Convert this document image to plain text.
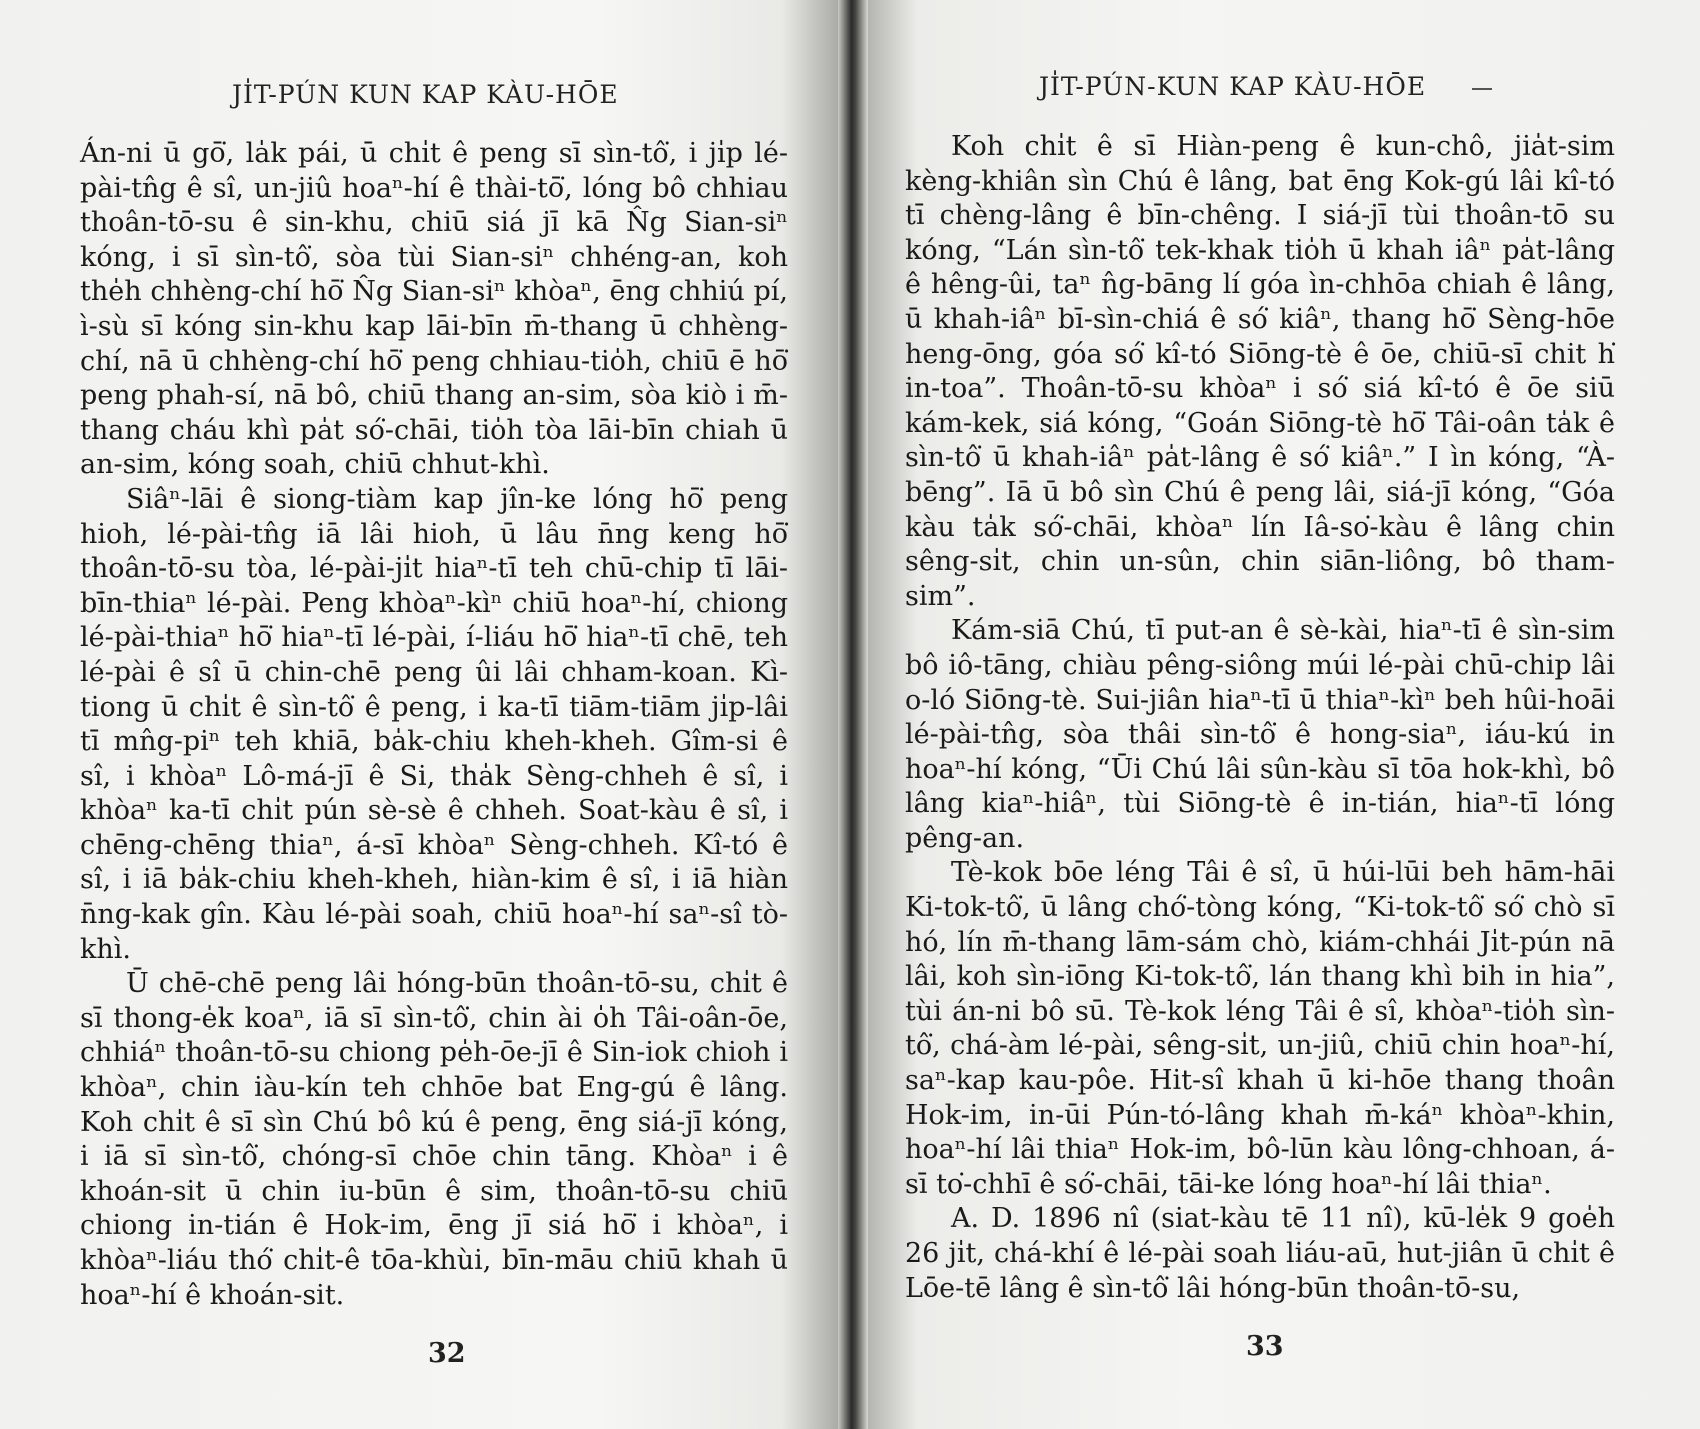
JI̍T-PÚN KUN KAP KÀU-HŌE

Án-ni ū gō͘, la̍k pái, ū chi̍t ê peng sī sìn-tô͘, i ji̍p lé-pài-tn̂g ê sî, un-jiû hoaⁿ-hí ê thài-tō͘, lóng bô chhiau thoân-tō-su ê sin-khu, chiū siá jī kā N̂g Sian-siⁿ kóng, i sī sìn-tô͘, sòa tùi Sian-siⁿ chhéng-an, koh the̍h chhèng-chí hō͘ N̂g Sian-siⁿ khòaⁿ, ēng chhiú pí, ì-sù sī kóng sin-khu kap lāi-bīn m̄-thang ū chhèng-chí, nā ū chhèng-chí hō͘ peng chhiau-tio̍h, chiū ē hō͘ peng phah-sí, nā bô, chiū thang an-sim, sòa kiò i m̄-thang cháu khì pa̍t só͘-chāi, tio̍h tòa lāi-bīn chiah ū an-sim, kóng soah, chiū chhut-khì.

Siâⁿ-lāi ê siong-tiàm kap jîn-ke lóng hō͘ peng hioh, lé-pài-tn̂g iā lâi hioh, ū lâu n̄ng keng hō͘ thoân-tō-su tòa, lé-pài-ji̍t hiaⁿ-tī teh chū-chip tī lāi-bīn-thiaⁿ lé-pài. Peng khòaⁿ-kìⁿ chiū hoaⁿ-hí, chiong lé-pài-thiaⁿ hō͘ hiaⁿ-tī lé-pài, í-liáu hō͘ hiaⁿ-tī chē, teh lé-pài ê sî ū chin-chē peng ûi lâi chham-koan. Kì-tiong ū chi̍t ê sìn-tô͘ ê peng, i ka-tī tiām-tiām ji̍p-lâi tī mn̂g-piⁿ teh khiā, ba̍k-chiu kheh-kheh. Gîm-si ê sî, i khòaⁿ Lô-má-jī ê Si, tha̍k Sèng-chheh ê sî, i khòaⁿ ka-tī chi̍t pún sè-sè ê chheh. Soat-kàu ê sî, i chēng-chēng thiaⁿ, á-sī khòaⁿ Sèng-chheh. Kî-tó ê sî, i iā ba̍k-chiu kheh-kheh, hiàn-kim ê sî, i iā hiàn n̄ng-kak gîn. Kàu lé-pài soah, chiū hoaⁿ-hí saⁿ-sî tò-khì.

Ū chē-chē peng lâi hóng-būn thoân-tō-su, chi̍t ê sī thong-e̍k koaⁿ, iā sī sìn-tô͘, chin ài o̍h Tâi-oân-ōe, chhiáⁿ thoân-tō-su chiong pe̍h-ōe-jī ê Sin-iok chioh i khòaⁿ, chin iàu-kín teh chhōe bat Eng-gú ê lâng. Koh chi̍t ê sī sìn Chú bô kú ê peng, ēng siá-jī kóng, i iā sī sìn-tô͘, chóng-sī chōe chin tāng. Khòaⁿ i ê khoán-sit ū chin iu-būn ê sim, thoân-tō-su chiū chiong in-tián ê Hok-im, ēng jī siá hō͘ i khòaⁿ, i khòaⁿ-liáu thó͘ chi̍t-ê tōa-khùi, bīn-māu chiū khah ū hoaⁿ-hí ê khoán-sit.

32
JI̍T-PÚN-KUN KAP KÀU-HŌE

Koh chi̍t ê sī Hiàn-peng ê kun-chô, jia̍t-sim kèng-khiân sìn Chú ê lâng, bat ēng Kok-gú lâi kî-tó tī chèng-lâng ê bīn-chêng. I siá-jī tùi thoân-tō su kóng, “Lán sìn-tô͘ tek-khak tio̍h ū khah iâⁿ pa̍t-lâng ê hêng-ûi, taⁿ n̂g-bāng lí góa ìn-chhōa chiah ê lâng, ū khah-iâⁿ bī-sìn-chiá ê só͘ kiâⁿ, thang hō͘ Sèng-hōe heng-ōng, góa só͘ kî-tó Siōng-tè ê ōe, chiū-sī chit h͘ in-toa”. Thoân-tō-su khòaⁿ i só͘ siá kî-tó ê ōe siū kám-kek, siá kóng, “Goán Siōng-tè hō͘ Tâi-oân ta̍k ê sìn-tô͘ ū khah-iâⁿ pa̍t-lâng ê só͘ kiâⁿ.” I ìn kóng, “À-bēng”. Iā ū bô sìn Chú ê peng lâi, siá-jī kóng, “Góa kàu ta̍k só͘-chāi, khòaⁿ lín Iâ-so͘-kàu ê lâng chin sêng-si̍t, chin un-sûn, chin siān-liông, bô tham-sim”.

Kám-siā Chú, tī put-an ê sè-kài, hiaⁿ-tī ê sìn-sim bô iô-tāng, chiàu pêng-siông múi lé-pài chū-chip lâi o-ló Siōng-tè. Sui-jiân hiaⁿ-tī ū thiaⁿ-kìⁿ beh hûi-hoāi lé-pài-tn̂g, sòa thâi sìn-tô͘ ê hong-siaⁿ, iáu-kú in hoaⁿ-hí kóng, “Ūi Chú lâi sûn-kàu sī tōa hok-khì, bô lâng kiaⁿ-hiâⁿ, tùi Siōng-tè ê in-tián, hiaⁿ-tī lóng pêng-an.

Tè-kok bōe léng Tâi ê sî, ū húi-lūi beh hām-hāi Ki-tok-tô͘, ū lâng chó͘-tòng kóng, “Ki-tok-tô͘ só͘ chò sī hó, lín m̄-thang lām-sám chò, kiám-chhái Ji̍t-pún nā lâi, koh sìn-iōng Ki-tok-tô͘, lán thang khì bih in hia”, tùi án-ni bô sū. Tè-kok léng Tâi ê sî, khòaⁿ-tio̍h sìn-tô͘, chá-àm lé-pài, sêng-si̍t, un-jiû, chiū chin hoaⁿ-hí, saⁿ-kap kau-pôe. Hit-sî khah ū ki-hōe thang thoân Hok-im, in-ūi Pún-tó-lâng khah m̄-káⁿ khòaⁿ-khin, hoaⁿ-hí lâi thiaⁿ Hok-im, bô-lūn kàu lông-chhoan, á-sī to͘-chhī ê só͘-chāi, tāi-ke lóng hoaⁿ-hí lâi thiaⁿ.

A. D. 1896 nî (siat-kàu tē 11 nî), kū-le̍k 9 goe̍h 26 ji̍t, chá-khí ê lé-pài soah liáu-aū, hut-jiân ū chi̍t ê Lōe-tē lâng ê sìn-tô͘ lâi hóng-būn thoân-tō-su,

33
